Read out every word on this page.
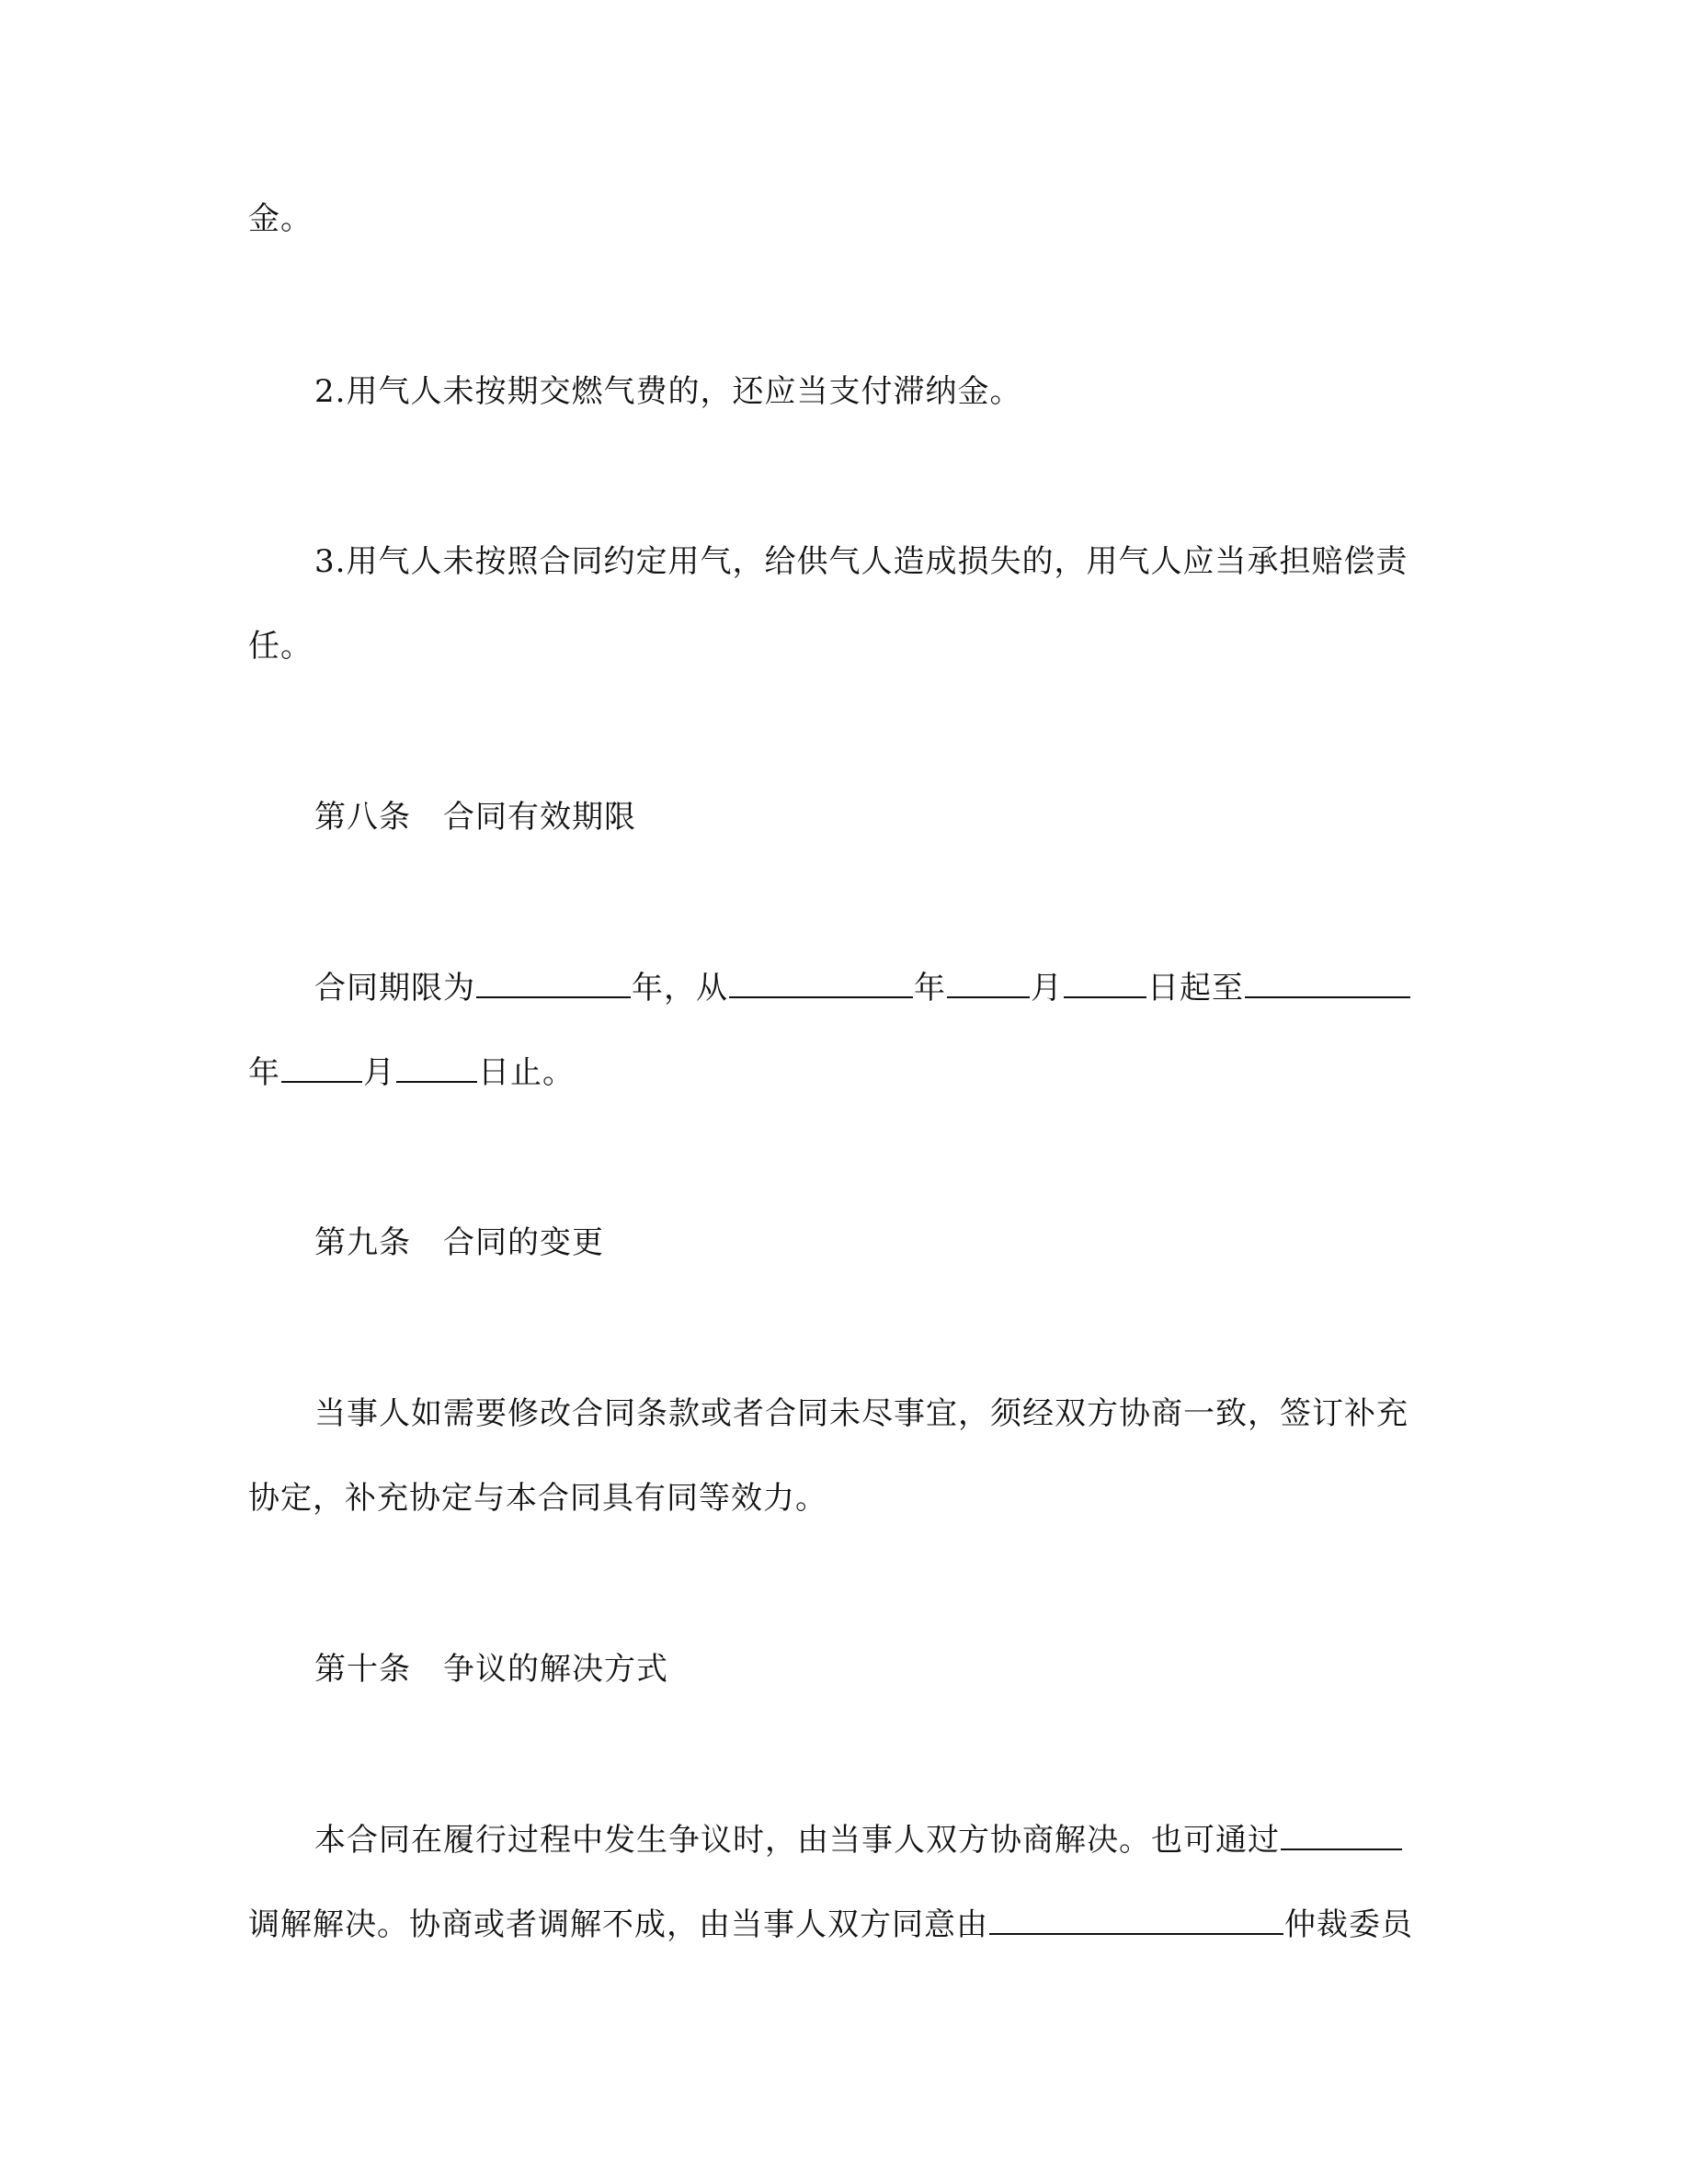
金。
2.用气人未按期交燃气费的，还应当支付滞纳金。
3.用气人未按照合同约定用气，给供气人造成损失的，用气人应当承担赔偿责
任。
第八条　合同有效期限
合同期限为	年，从	年	月	日起至
年	月	日止。
第九条　合同的变更
当事人如需要修改合同条款或者合同未尽事宜，须经双方协商一致，签订补充
协定，补充协定与本合同具有同等效力。
第十条　争议的解决方式
本合同在履行过程中发生争议时，由当事人双方协商解决。也可通过
调解解决。协商或者调解不成，由当事人双方同意由	仲裁委员
